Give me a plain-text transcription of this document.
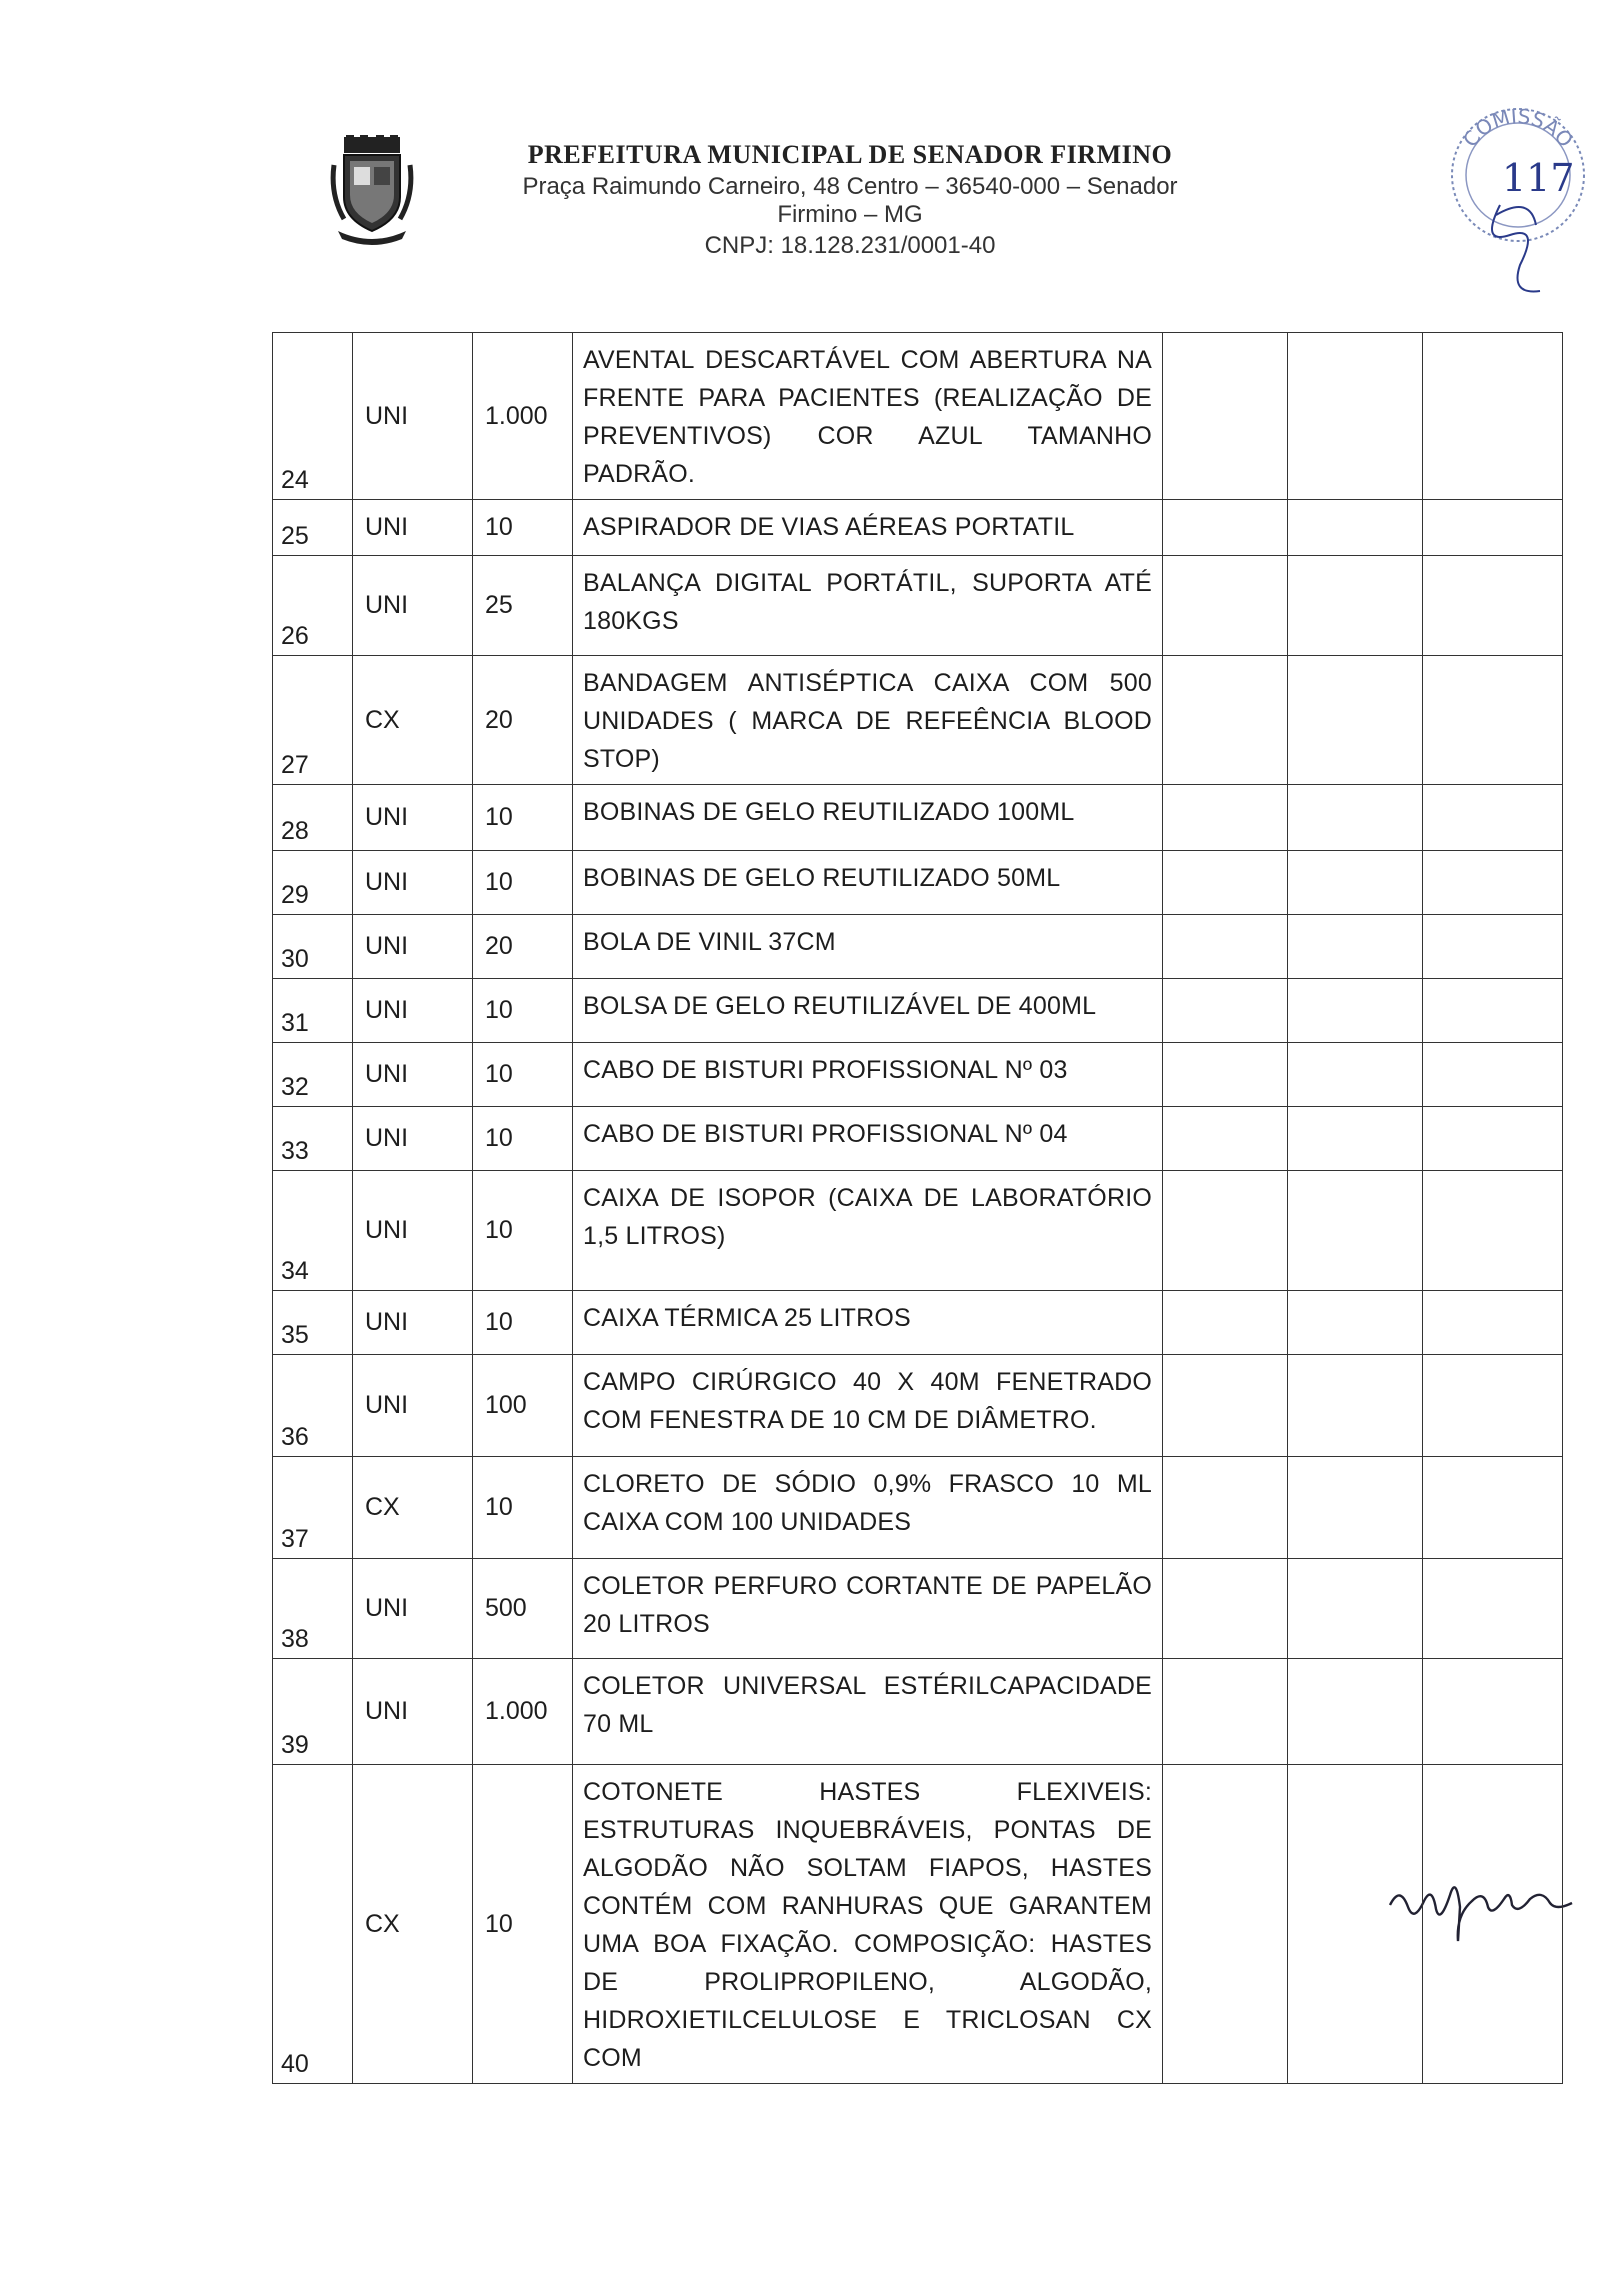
PREFEITURA MUNICIPAL DE SENADOR FIRMINO
Praça Raimundo Carneiro, 48 Centro – 36540-000 – Senador Firmino – MG
CNPJ: 18.128.231/0001-40
COMISSÃO
117
24	UNI	1.000	AVENTAL DESCARTÁVEL COM ABERTURA NA FRENTE PARA PACIENTES (REALIZAÇÃO DE PREVENTIVOS) COR AZUL TAMANHO PADRÃO.			
25	UNI	10	ASPIRADOR DE VIAS AÉREAS PORTATIL			
26	UNI	25	BALANÇA DIGITAL PORTÁTIL, SUPORTA ATÉ 180KGS			
27	CX	20	BANDAGEM ANTISÉPTICA CAIXA COM 500 UNIDADES ( MARCA DE REFEÊNCIA BLOOD STOP)			
28	UNI	10	BOBINAS DE GELO REUTILIZADO 100ML			
29	UNI	10	BOBINAS DE GELO REUTILIZADO 50ML			
30	UNI	20	BOLA DE VINIL 37CM			
31	UNI	10	BOLSA DE GELO REUTILIZÁVEL DE 400ML			
32	UNI	10	CABO DE BISTURI PROFISSIONAL Nº 03			
33	UNI	10	CABO DE BISTURI PROFISSIONAL Nº 04			
34	UNI	10	CAIXA DE ISOPOR (CAIXA DE LABORATÓRIO 1,5 LITROS)			
35	UNI	10	CAIXA TÉRMICA 25 LITROS			
36	UNI	100	CAMPO CIRÚRGICO 40 X 40M FENETRADO COM FENESTRA DE 10 CM DE DIÂMETRO.			
37	CX	10	CLORETO DE SÓDIO 0,9% FRASCO 10 ML CAIXA COM 100 UNIDADES			
38	UNI	500	COLETOR PERFURO CORTANTE DE PAPELÃO 20 LITROS			
39	UNI	1.000	COLETOR UNIVERSAL ESTÉRILCAPACIDADE 70 ML			
40	CX	10	COTONETE HASTES FLEXIVEIS: ESTRUTURAS INQUEBRÁVEIS, PONTAS DE ALGODÃO NÃO SOLTAM FIAPOS, HASTES CONTÉM COM RANHURAS QUE GARANTEM UMA BOA FIXAÇÃO. COMPOSIÇÃO: HASTES DE PROLIPROPILENO, ALGODÃO, HIDROXIETILCELULOSE E TRICLOSAN CX COM			
